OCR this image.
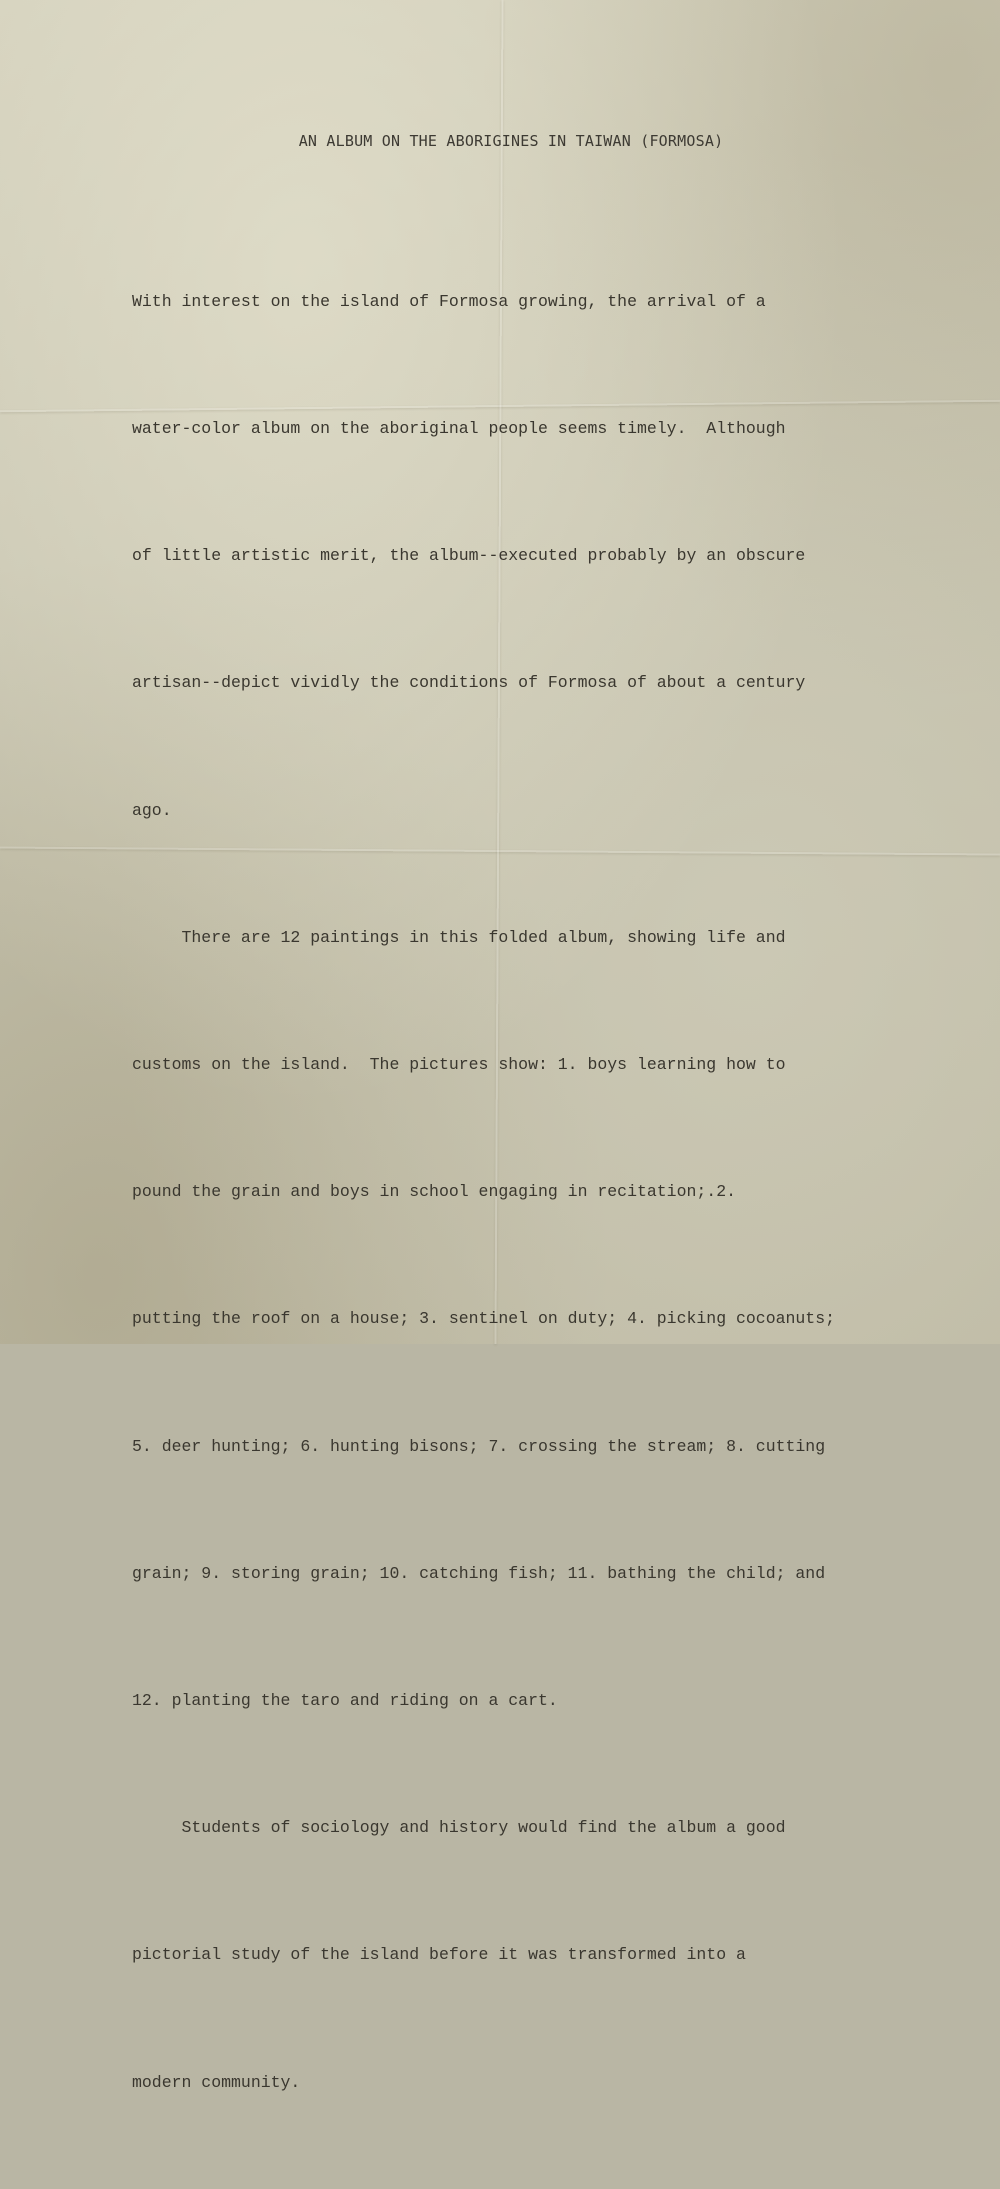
AN ALBUM ON THE ABORIGINES IN TAIWAN (FORMOSA)

With interest on the island of Formosa growing, the arrival of a

water-color album on the aboriginal people seems timely.  Although

of little artistic merit, the album--executed probably by an obscure

artisan--depict vividly the conditions of Formosa of about a century

ago.

There are 12 paintings in this folded album, showing life and

customs on the island.  The pictures show: 1. boys learning how to

pound the grain and boys in school engaging in recitation;.2.

putting the roof on a house; 3. sentinel on duty; 4. picking cocoanuts;

5. deer hunting; 6. hunting bisons; 7. crossing the stream; 8. cutting

grain; 9. storing grain; 10. catching fish; 11. bathing the child; and

12. planting the taro and riding on a cart.

Students of sociology and history would find the album a good

pictorial study of the island before it was transformed into a

modern community.
